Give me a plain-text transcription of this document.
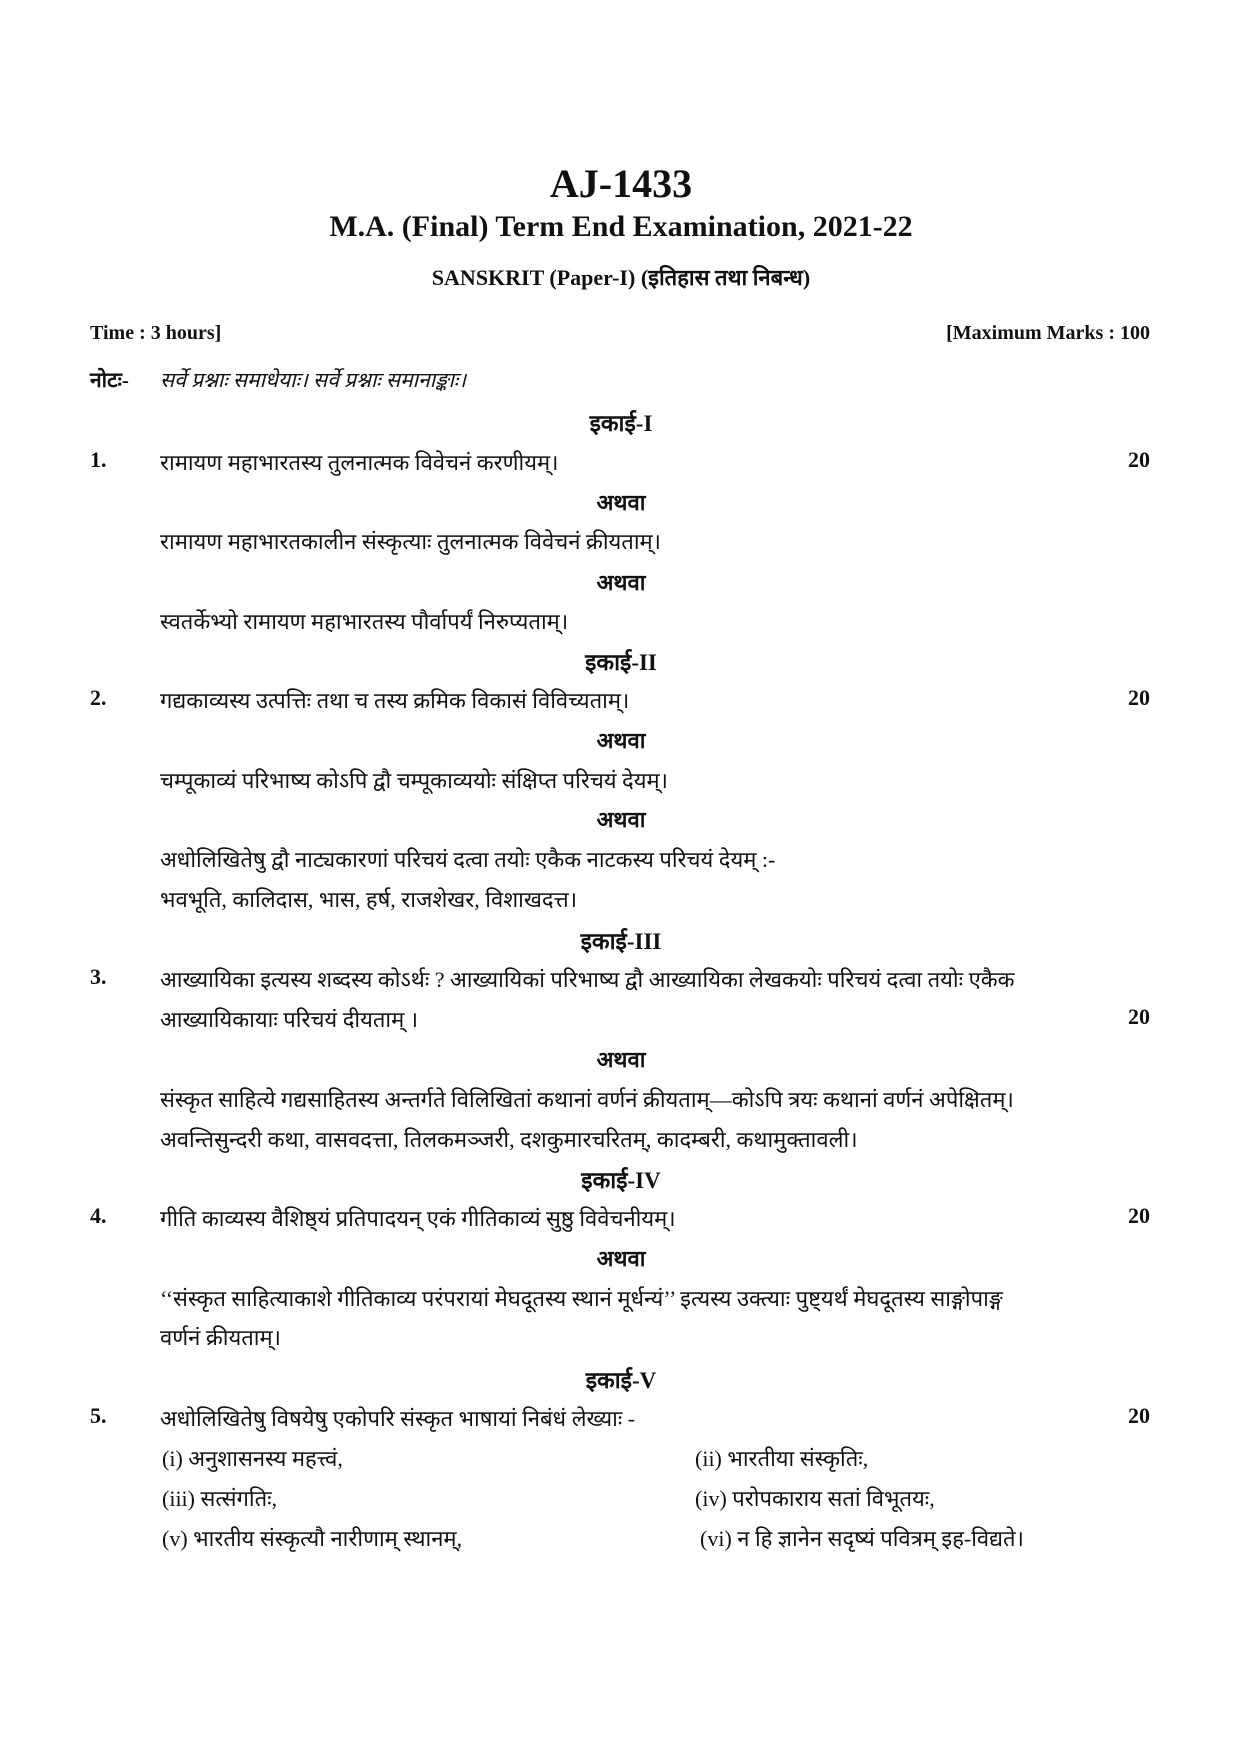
AJ-1433
M.A. (Final) Term End Examination, 2021-22
SANSKRIT (Paper-I) (इतिहास तथा निबन्ध)
Time : 3 hours]	[Maximum Marks : 100
नोटः- सर्वे प्रश्नाः समाधेयाः। सर्वे प्रश्नाः समानाङ्काः।
इकाई-I
1. रामायण महाभारतस्य तुलनात्मक विवेचनं करणीयम्।	20
अथवा
रामायण महाभारतकालीन संस्कृत्याः तुलनात्मक विवेचनं क्रीयताम्।
अथवा
स्वतर्केभ्यो रामायण महाभारतस्य पौर्वापर्यं निरुप्यताम्।
इकाई-II
2. गद्यकाव्यस्य उत्पत्तिः तथा च तस्य क्रमिक विकासं विविच्यताम्।	20
अथवा
चम्पूकाव्यं परिभाष्य कोऽपि द्वौ चम्पूकाव्ययोः संक्षिप्त परिचयं देयम्।
अथवा
अधोलिखितेषु द्वौ नाट्यकारणां परिचयं दत्वा तयोः एकैक नाटकस्य परिचयं देयम् :-
भवभूति, कालिदास, भास, हर्ष, राजशेखर, विशाखदत्त।
इकाई-III
3. आख्यायिका इत्यस्य शब्दस्य कोऽर्थः ? आख्यायिकां परिभाष्य द्वौ आख्यायिका लेखकयोः परिचयं दत्वा तयोः एकैक
आख्यायिकायाः परिचयं दीयताम् ।	20
अथवा
संस्कृत साहित्ये गद्यसाहितस्य अन्तर्गते विलिखितां कथानां वर्णनं क्रीयताम्—कोऽपि त्रयः कथानां वर्णनं अपेक्षितम्।
अवन्तिसुन्दरी कथा, वासवदत्ता, तिलकमञ्जरी, दशकुमारचरितम्, कादम्बरी, कथामुक्तावली।
इकाई-IV
4. गीति काव्यस्य वैशिष्ठ्यं प्रतिपादयन् एकं गीतिकाव्यं सुष्ठु विवेचनीयम्।	20
अथवा
‘‘संस्कृत साहित्याकाशे गीतिकाव्य परंपरायां मेघदूतस्य स्थानं मूर्धन्यं’’ इत्यस्य उक्त्याः पुष्ट्यर्थं मेघदूतस्य साङ्गोपाङ्ग
वर्णनं क्रीयताम्।
इकाई-V
5. अधोलिखितेषु विषयेषु एकोपरि संस्कृत भाषायां निबंधं लेख्याः -	20
(i) अनुशासनस्य महत्त्वं,	(ii) भारतीया संस्कृतिः,
(iii) सत्संगतिः,	(iv) परोपकाराय सतां विभूतयः,
(v) भारतीय संस्कृत्यौ नारीणाम् स्थानम्,	(vi) न हि ज्ञानेन सदृष्यं पवित्रम् इह-विद्यते।
